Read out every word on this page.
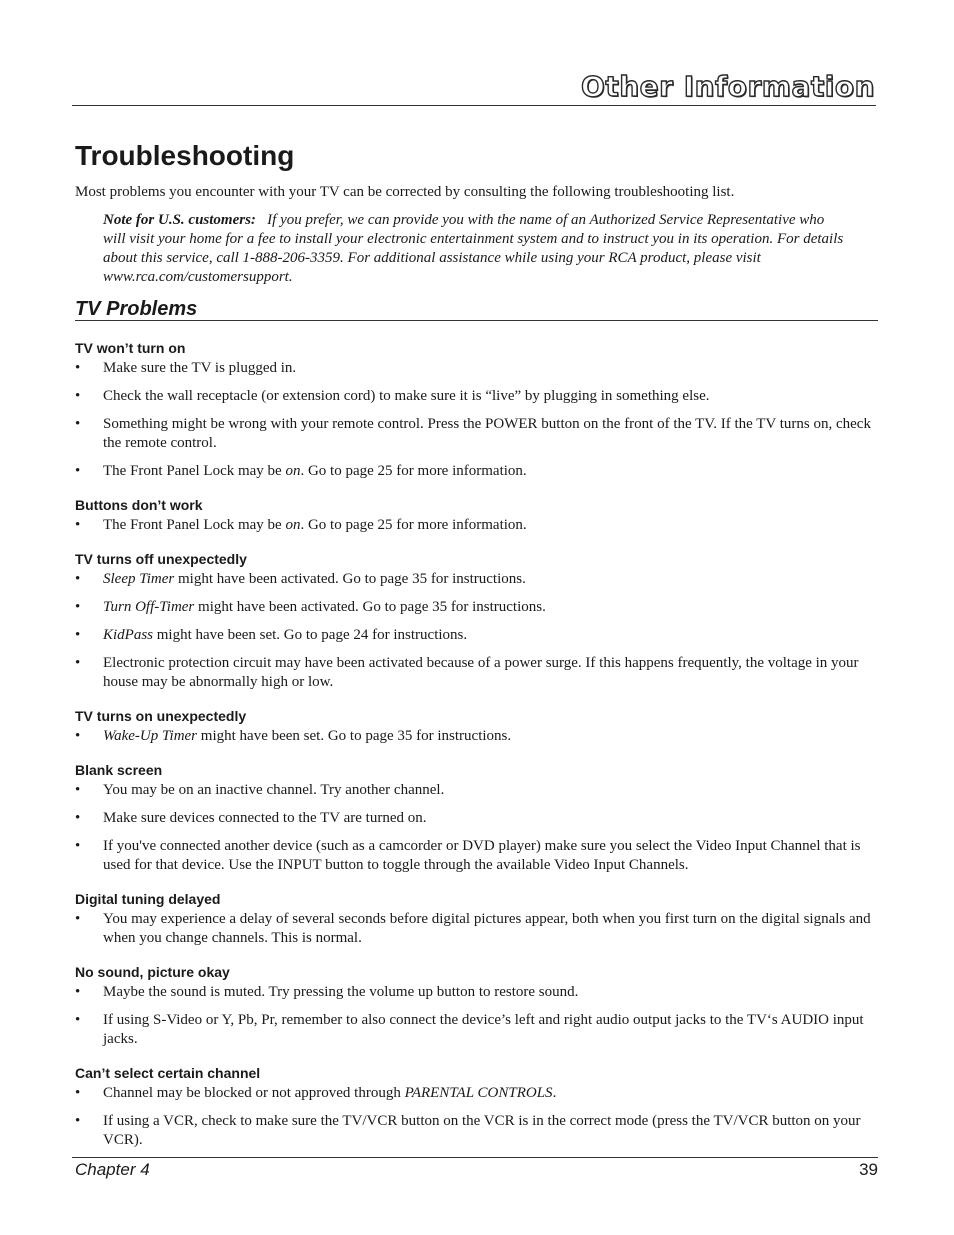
Other Information
Troubleshooting
Most problems you encounter with your TV can be corrected by consulting the following troubleshooting list.
Note for U.S. customers: If you prefer, we can provide you with the name of an Authorized Service Representative who will visit your home for a fee to install your electronic entertainment system and to instruct you in its operation. For details about this service, call 1-888-206-3359. For additional assistance while using your RCA product, please visit www.rca.com/customersupport.
TV Problems
TV won’t turn on
• Make sure the TV is plugged in.
• Check the wall receptacle (or extension cord) to make sure it is “live” by plugging in something else.
• Something might be wrong with your remote control. Press the POWER button on the front of the TV. If the TV turns on, check the remote control.
• The Front Panel Lock may be on. Go to page 25 for more information.
Buttons don’t work
• The Front Panel Lock may be on. Go to page 25 for more information.
TV turns off unexpectedly
• Sleep Timer might have been activated. Go to page 35 for instructions.
• Turn Off-Timer might have been activated. Go to page 35 for instructions.
• KidPass might have been set. Go to page 24 for instructions.
• Electronic protection circuit may have been activated because of a power surge. If this happens frequently, the voltage in your house may be abnormally high or low.
TV turns on unexpectedly
• Wake-Up Timer might have been set. Go to page 35 for instructions.
Blank screen
• You may be on an inactive channel. Try another channel.
• Make sure devices connected to the TV are turned on.
• If you've connected another device (such as a camcorder or DVD player) make sure you select the Video Input Channel that is used for that device. Use the INPUT button to toggle through the available Video Input Channels.
Digital tuning delayed
• You may experience a delay of several seconds before digital pictures appear, both when you first turn on the digital signals and when you change channels. This is normal.
No sound, picture okay
• Maybe the sound is muted. Try pressing the volume up button to restore sound.
• If using S-Video or Y, Pb, Pr, remember to also connect the device’s left and right audio output jacks to the TV‘s AUDIO input jacks.
Can’t select certain channel
• Channel may be blocked or not approved through PARENTAL CONTROLS.
• If using a VCR, check to make sure the TV/VCR button on the VCR is in the correct mode (press the TV/VCR button on your VCR).
Chapter 4	39
